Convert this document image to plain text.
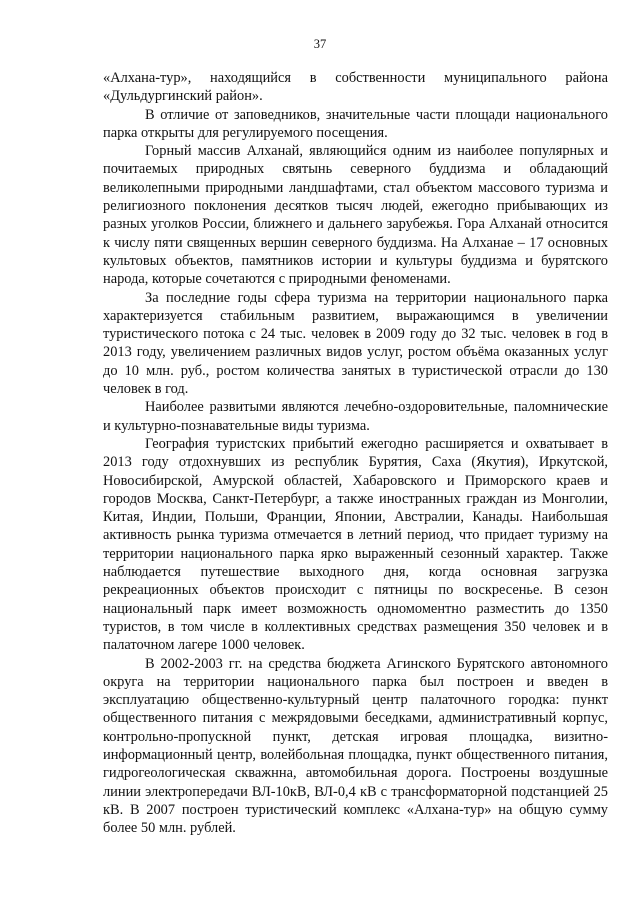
37

«Алхана-тур», находящийся в собственности муниципального района «Дульдургинский район».

В отличие от заповедников, значительные части площади национального парка открыты для регулируемого посещения.

Горный массив Алханай, являющийся одним из наиболее популярных и почитаемых природных святынь северного буддизма и обладающий великолепными природными ландшафтами, стал объектом массового туризма и религиозного поклонения десятков тысяч людей, ежегодно прибывающих из разных уголков России, ближнего и дальнего зарубежья. Гора Алханай относится к числу пяти священных вершин северного буддизма. На Алханае – 17 основных культовых объектов, памятников истории и культуры буддизма и бурятского народа, которые сочетаются с природными феноменами.

За последние годы сфера туризма на территории национального парка характеризуется стабильным развитием, выражающимся в увеличении туристического потока с 24 тыс. человек в 2009 году до 32 тыс. человек в год в 2013 году, увеличением различных видов услуг, ростом объёма оказанных услуг до 10 млн. руб., ростом количества занятых в туристической отрасли до 130 человек в год.

Наиболее развитыми являются лечебно-оздоровительные, паломнические и культурно-познавательные виды туризма.

География туристских прибытий ежегодно расширяется и охватывает в 2013 году отдохнувших из республик Бурятия, Саха (Якутия), Иркутской, Новосибирской, Амурской областей, Хабаровского и Приморского краев и городов Москва, Санкт-Петербург, а также иностранных граждан из Монголии, Китая, Индии, Польши, Франции, Японии, Австралии, Канады. Наибольшая активность рынка туризма отмечается в летний период, что придает туризму на территории национального парка ярко выраженный сезонный характер. Также наблюдается путешествие выходного дня, когда основная загрузка рекреационных объектов происходит с пятницы по воскресенье. В сезон национальный парк имеет возможность одномоментно разместить до 1350 туристов, в том числе в коллективных средствах размещения 350 человек и в палаточном лагере 1000 человек.

В 2002-2003 гг. на средства бюджета Агинского Бурятского автономного округа на территории национального парка был построен и введен в эксплуатацию общественно-культурный центр палаточного городка: пункт общественного питания с межрядовыми беседками, административный корпус, контрольно-пропускной пункт, детская игровая площадка, визитно-информационный центр, волейбольная площадка, пункт общественного питания, гидрогеологическая скважнна, автомобильная дорога. Построены воздушные линии электропередачи ВЛ-10кВ, ВЛ-0,4 кВ с трансформаторной подстанцией 25 кВ. В 2007 построен туристический комплекс «Алхана-тур» на общую сумму более 50 млн. рублей.
